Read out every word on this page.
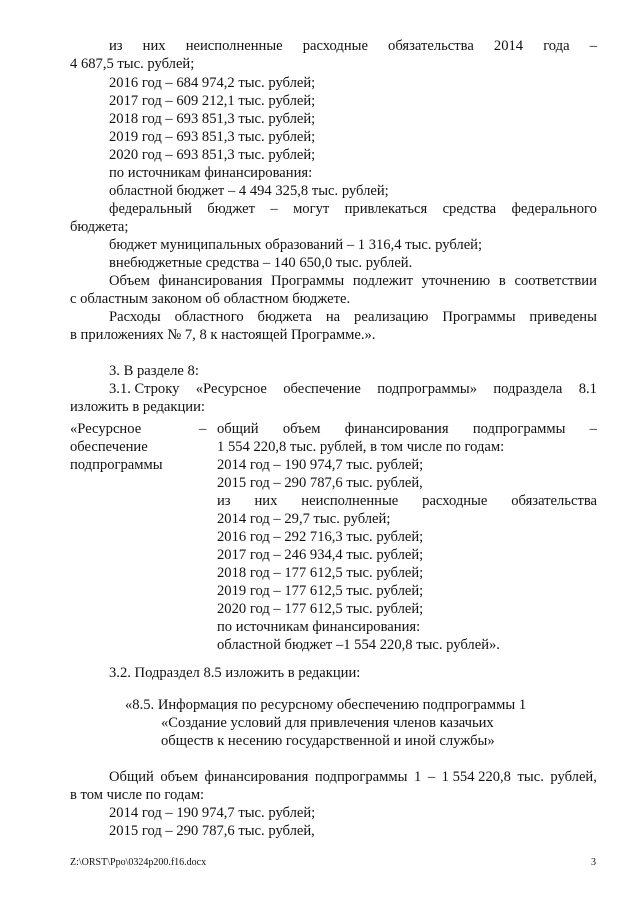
из них неисполненные расходные обязательства 2014 года –
4 687,5 тыс. рублей;
2016 год – 684 974,2 тыс. рублей;
2017 год – 609 212,1 тыс. рублей;
2018 год – 693 851,3 тыс. рублей;
2019 год – 693 851,3 тыс. рублей;
2020 год – 693 851,3 тыс. рублей;
по источникам финансирования:
областной бюджет – 4 494 325,8 тыс. рублей;
федеральный бюджет – могут привлекаться средства федерального
бюджета;
бюджет муниципальных образований – 1 316,4 тыс. рублей;
внебюджетные средства – 140 650,0 тыс. рублей.
Объем финансирования Программы подлежит уточнению в соответствии
с областным законом об областном бюджете.
Расходы областного бюджета на реализацию Программы приведены
в приложениях № 7, 8 к настоящей Программе.».
3. В разделе 8:
3.1. Строку «Ресурсное обеспечение подпрограммы» подраздела 8.1
изложить в редакции:
«Ресурсное
обеспечение
подпрограммы
– общий объем финансирования подпрограммы –
1 554 220,8 тыс. рублей, в том числе по годам:
2014 год – 190 974,7 тыс. рублей;
2015 год – 290 787,6 тыс. рублей,
из них неисполненные расходные обязательства
2014 год – 29,7 тыс. рублей;
2016 год – 292 716,3 тыс. рублей;
2017 год – 246 934,4 тыс. рублей;
2018 год – 177 612,5 тыс. рублей;
2019 год – 177 612,5 тыс. рублей;
2020 год – 177 612,5 тыс. рублей;
по источникам финансирования:
областной бюджет –1 554 220,8 тыс. рублей».
3.2. Подраздел 8.5 изложить в редакции:
«8.5. Информация по ресурсному обеспечению подпрограммы 1
«Создание условий для привлечения членов казачьих
обществ к несению государственной и иной службы»
Общий объем финансирования подпрограммы 1 – 1 554 220,8 тыс. рублей,
в том числе по годам:
2014 год – 190 974,7 тыс. рублей;
2015 год – 290 787,6 тыс. рублей,
Z:\ORST\Ppo\0324p200.f16.docx	3
